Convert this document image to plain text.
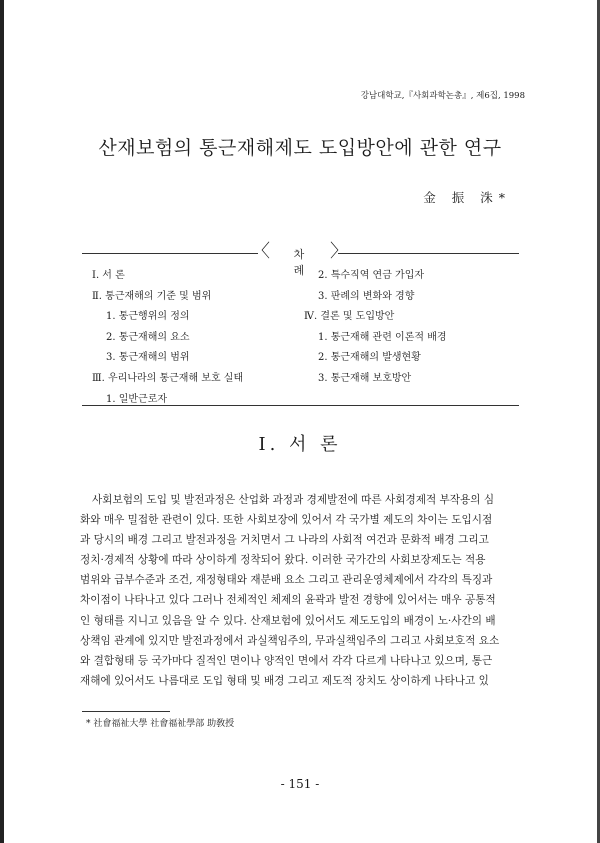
강남대학교,『사회과학논총』, 제6집, 1998
산재보험의 통근재해제도 도입방안에 관한 연구
金 振 洙*
〈	차 례
〉
Ⅰ. 서 론
Ⅱ. 통근재해의 기준 및 범위
1. 통근행위의 정의
2. 통근재해의 요소
3. 통근재해의 범위
Ⅲ. 우리나라의 통근재해 보호 실태
1. 일반근로자
2. 특수직역 연금 가입자
3. 판례의 변화와 경향
Ⅳ. 결론 및 도입방안
1. 통근재해 관련 이론적 배경
2. 통근재해의 발생현황
3. 통근재해 보호방안
Ⅰ. 서 론
사회보험의 도입 및 발전과정은 산업화 과정과 경제발전에 따른 사회경제적 부작용의 심
화와 매우 밀접한 관련이 있다. 또한 사회보장에 있어서 각 국가별 제도의 차이는 도입시점
과 당시의 배경 그리고 발전과정을 거치면서 그 나라의 사회적 여건과 문화적 배경 그리고
정치·경제적 상황에 따라 상이하게 정착되어 왔다. 이러한 국가간의 사회보장제도는 적용
범위와 급부수준과 조건, 재정형태와 재분배 요소 그리고 관리운영체제에서 각각의 특징과
차이점이 나타나고 있다 그러나 전체적인 체제의 윤곽과 발전 경향에 있어서는 매우 공통적
인 형태를 지니고 있음을 알 수 있다. 산재보험에 있어서도 제도도입의 배경이 노·사간의 배
상책임 관계에 있지만 발전과정에서 과실책임주의, 무과실책임주의 그리고 사회보호적 요소
와 결합형태 등 국가마다 질적인 면이나 양적인 면에서 각각 다르게 나타나고 있으며, 통근
재해에 있어서도 나름대로 도입 형태 및 배경 그리고 제도적 장치도 상이하게 나타나고 있
* 社會福祉大學 社會福祉學部 助敎授
- 151 -
